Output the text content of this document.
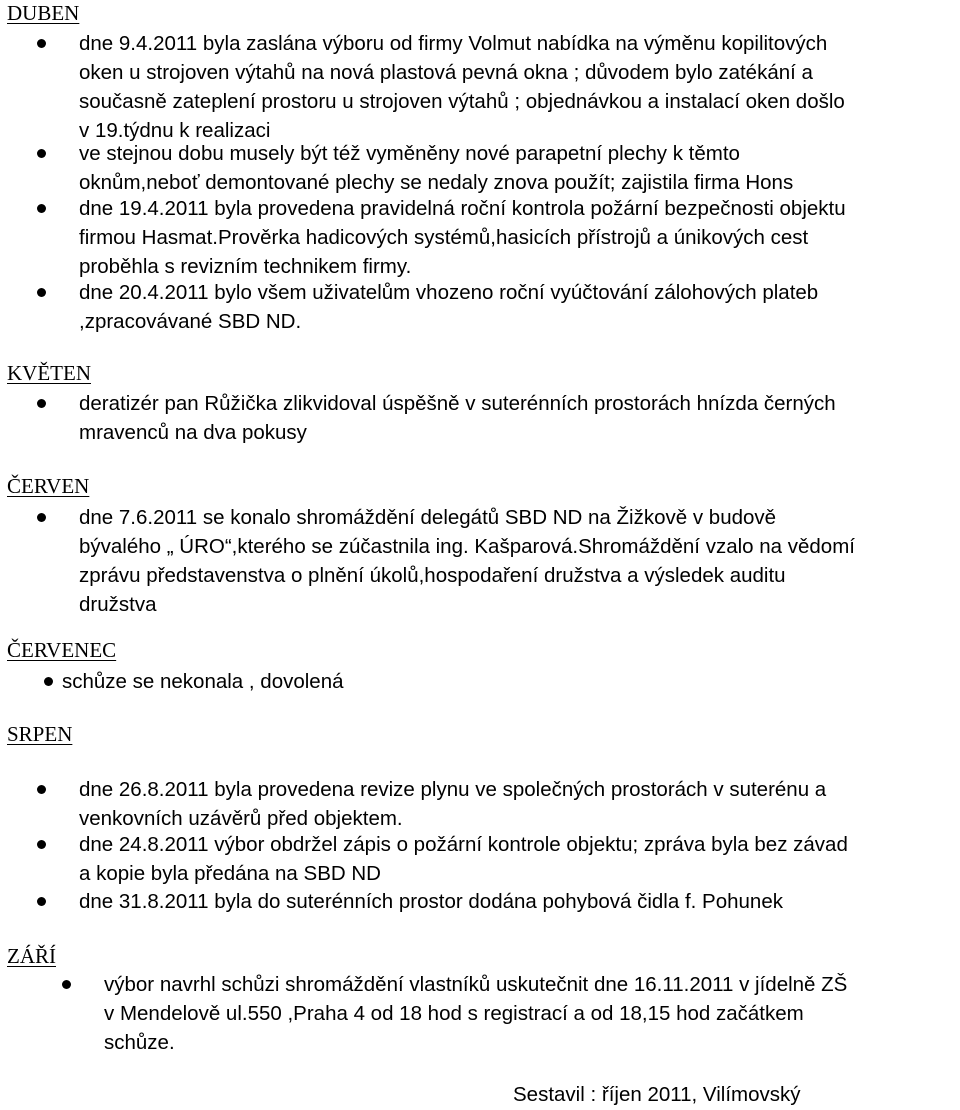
DUBEN
dne 9.4.2011 byla zaslána výboru od firmy Volmut nabídka na výměnu kopilitových
oken u strojoven výtahů na nová plastová pevná okna ; důvodem bylo zatékání a
současně zateplení prostoru u strojoven výtahů ; objednávkou a instalací oken došlo
v 19.týdnu k realizaci
ve stejnou dobu musely být též vyměněny nové parapetní plechy k těmto
oknům,neboť demontované plechy se nedaly znova použít; zajistila firma Hons
dne 19.4.2011 byla provedena pravidelná roční kontrola požární bezpečnosti objektu
firmou Hasmat.Prověrka hadicových systémů,hasicích přístrojů a únikových cest
proběhla s revizním technikem firmy.
dne 20.4.2011 bylo všem uživatelům vhozeno roční vyúčtování zálohových plateb
,zpracovávané SBD ND.
KVĚTEN
deratizér pan Růžička zlikvidoval úspěšně v suterénních prostorách hnízda černých
mravenců na dva pokusy
ČERVEN
dne 7.6.2011 se konalo shromáždění delegátů SBD ND na Žižkově v budově
bývalého „ ÚRO“,kterého se zúčastnila ing. Kašparová.Shromáždění vzalo na vědomí
zprávu představenstva o plnění úkolů,hospodaření družstva a výsledek auditu
družstva
ČERVENEC
schůze se nekonala , dovolená
SRPEN
dne 26.8.2011 byla provedena revize plynu ve společných prostorách v suterénu a
venkovních uzávěrů před objektem.
dne 24.8.2011 výbor obdržel zápis o požární kontrole objektu; zpráva byla bez závad
a kopie byla předána na SBD ND
dne 31.8.2011 byla do suterénních prostor dodána pohybová čidla f. Pohunek
ZÁŘÍ
výbor navrhl schůzi shromáždění vlastníků uskutečnit dne 16.11.2011 v jídelně ZŠ
v Mendelově ul.550 ,Praha 4 od 18 hod s registrací a od 18,15 hod začátkem
schůze.
Sestavil : říjen 2011, Vilímovský
